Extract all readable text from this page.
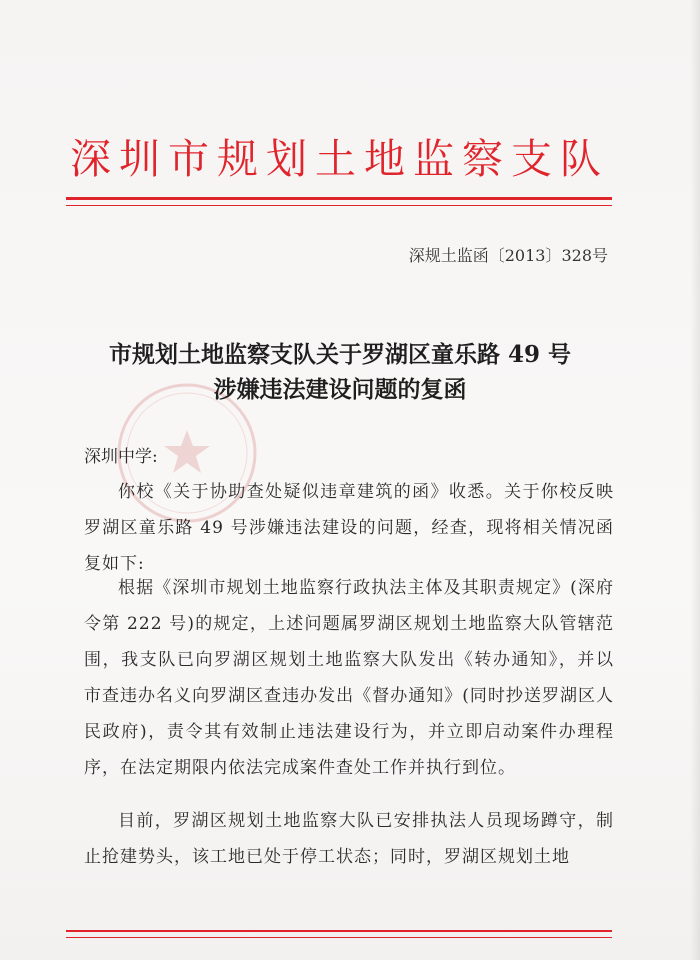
深圳市规划土地监察支队
深规土监函〔2013〕328号
市规划土地监察支队关于罗湖区童乐路 49 号
涉嫌违法建设问题的复函
深圳中学:
你校《关于协助查处疑似违章建筑的函》收悉。关于你校反映罗湖区童乐路 49 号涉嫌违法建设的问题，经查，现将相关情况函复如下:
根据《深圳市规划土地监察行政执法主体及其职责规定》(深府令第 222 号)的规定，上述问题属罗湖区规划土地监察大队管辖范围，我支队已向罗湖区规划土地监察大队发出《转办通知》，并以市查违办名义向罗湖区查违办发出《督办通知》(同时抄送罗湖区人民政府)，责令其有效制止违法建设行为，并立即启动案件办理程序，在法定期限内依法完成案件查处工作并执行到位。
目前，罗湖区规划土地监察大队已安排执法人员现场蹲守，制止抢建势头，该工地已处于停工状态；同时，罗湖区规划土地
